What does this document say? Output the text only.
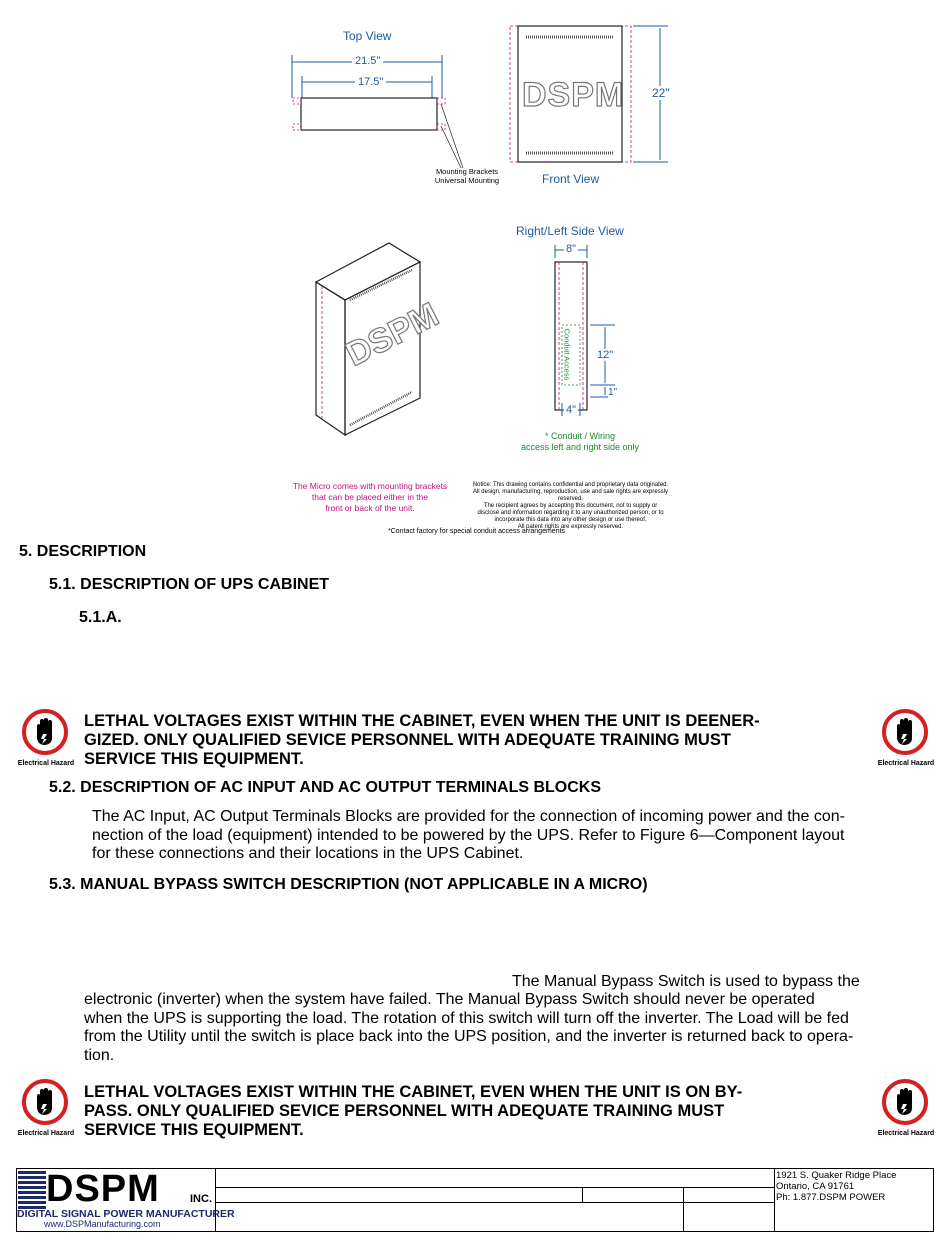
Top View
21.5"
17.5"
Mounting Brackets
Universal Mounting
DSPM
Front View
22"
DSPM
Right/Left Side View
8"
12"
1"
4"
Conduit Access
* Conduit / Wiring
access left and right side only
The Micro comes with mounting brackets
that can be placed either in the
front or back of the unit.
Notice: This drawing contains confidential and proprietary data originated.
All design, manufacturing, reproduction, use and sale rights are expressly reserved.
The recipient agrees by accepting this document, not to supply or
disclose and information regarding it to any unauthorized person, or to
incorporate this data into any other design or use thereof.
All patent rights are expressly reserved.
*Contact factory for special conduit access arrangements
5. DESCRIPTION
5.1. DESCRIPTION OF UPS CABINET
5.1.A.
Electrical Hazard
LETHAL VOLTAGES EXIST WITHIN THE CABINET, EVEN WHEN THE UNIT IS DEENER-
GIZED. ONLY QUALIFIED SEVICE PERSONNEL WITH ADEQUATE TRAINING MUST
SERVICE THIS EQUIPMENT.	Electrical Hazard
5.2. DESCRIPTION OF AC INPUT AND AC OUTPUT TERMINALS BLOCKS
The AC Input, AC Output Terminals Blocks are provided for the connection of incoming power and the con-
nection of the load (equipment) intended to be powered by the UPS. Refer to Figure 6—Component layout
for these connections and their locations in the UPS Cabinet.
5.3. MANUAL BYPASS SWITCH DESCRIPTION (NOT APPLICABLE IN A MICRO)
The Manual Bypass Switch is used to bypass the
electronic (inverter) when the system have failed. The Manual Bypass Switch should never be operated
when the UPS is supporting the load. The rotation of this switch will turn off the inverter. The Load will be fed
from the Utility until the switch is place back into the UPS position, and the inverter is returned back to opera-
tion.
Electrical Hazard
LETHAL VOLTAGES EXIST WITHIN THE CABINET, EVEN WHEN THE UNIT IS ON BY-
PASS. ONLY QUALIFIED SEVICE PERSONNEL WITH ADEQUATE TRAINING MUST
SERVICE THIS EQUIPMENT.	Electrical Hazard
DSPM	INC.
DIGITAL SIGNAL POWER MANUFACTURER
www.DSPManufacturing.com
1921 S. Quaker Ridge Place
Ontario, CA 91761
Ph: 1.877.DSPM POWER
